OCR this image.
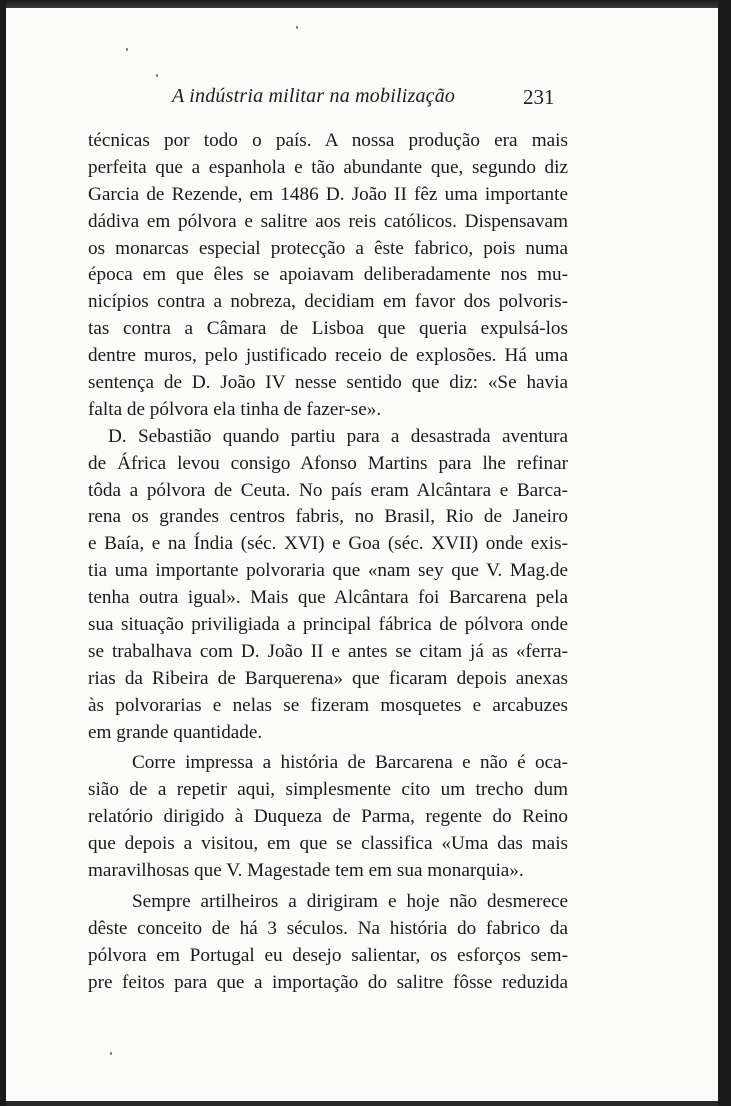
A indústria militar na mobilização	231
técnicas por todo o país. A nossa produção era mais
perfeita que a espanhola e tão abundante que, segundo diz
Garcia de Rezende, em 1486 D. João II fêz uma importante
dádiva em pólvora e salitre aos reis católicos. Dispensavam
os monarcas especial protecção a êste fabrico, pois numa
época em que êles se apoiavam deliberadamente nos mu-
nicípios contra a nobreza, decidiam em favor dos polvoris-
tas contra a Câmara de Lisboa que queria expulsá-los
dentre muros, pelo justificado receio de explosões. Há uma
sentença de D. João IV nesse sentido que diz: «Se havia
falta de pólvora ela tinha de fazer-se».
D. Sebastião quando partiu para a desastrada aventura
de África levou consigo Afonso Martins para lhe refinar
tôda a pólvora de Ceuta. No país eram Alcântara e Barca-
rena os grandes centros fabris, no Brasil, Rio de Janeiro
e Baía, e na Índia (séc. XVI) e Goa (séc. XVII) onde exis-
tia uma importante polvoraria que «nam sey que V. Mag.de
tenha outra igual». Mais que Alcântara foi Barcarena pela
sua situação priviligiada a principal fábrica de pólvora onde
se trabalhava com D. João II e antes se citam já as «ferra-
rias da Ribeira de Barquerena» que ficaram depois anexas
às polvorarias e nelas se fizeram mosquetes e arcabuzes
em grande quantidade.
Corre impressa a história de Barcarena e não é oca-
sião de a repetir aqui, simplesmente cito um trecho dum
relatório dirigido à Duqueza de Parma, regente do Reino
que depois a visitou, em que se classifica «Uma das mais
maravilhosas que V. Magestade tem em sua monarquia».
Sempre artilheiros a dirigiram e hoje não desmerece
dêste conceito de há 3 séculos. Na história do fabrico da
pólvora em Portugal eu desejo salientar, os esforços sem-
pre feitos para que a importação do salitre fôsse reduzida
